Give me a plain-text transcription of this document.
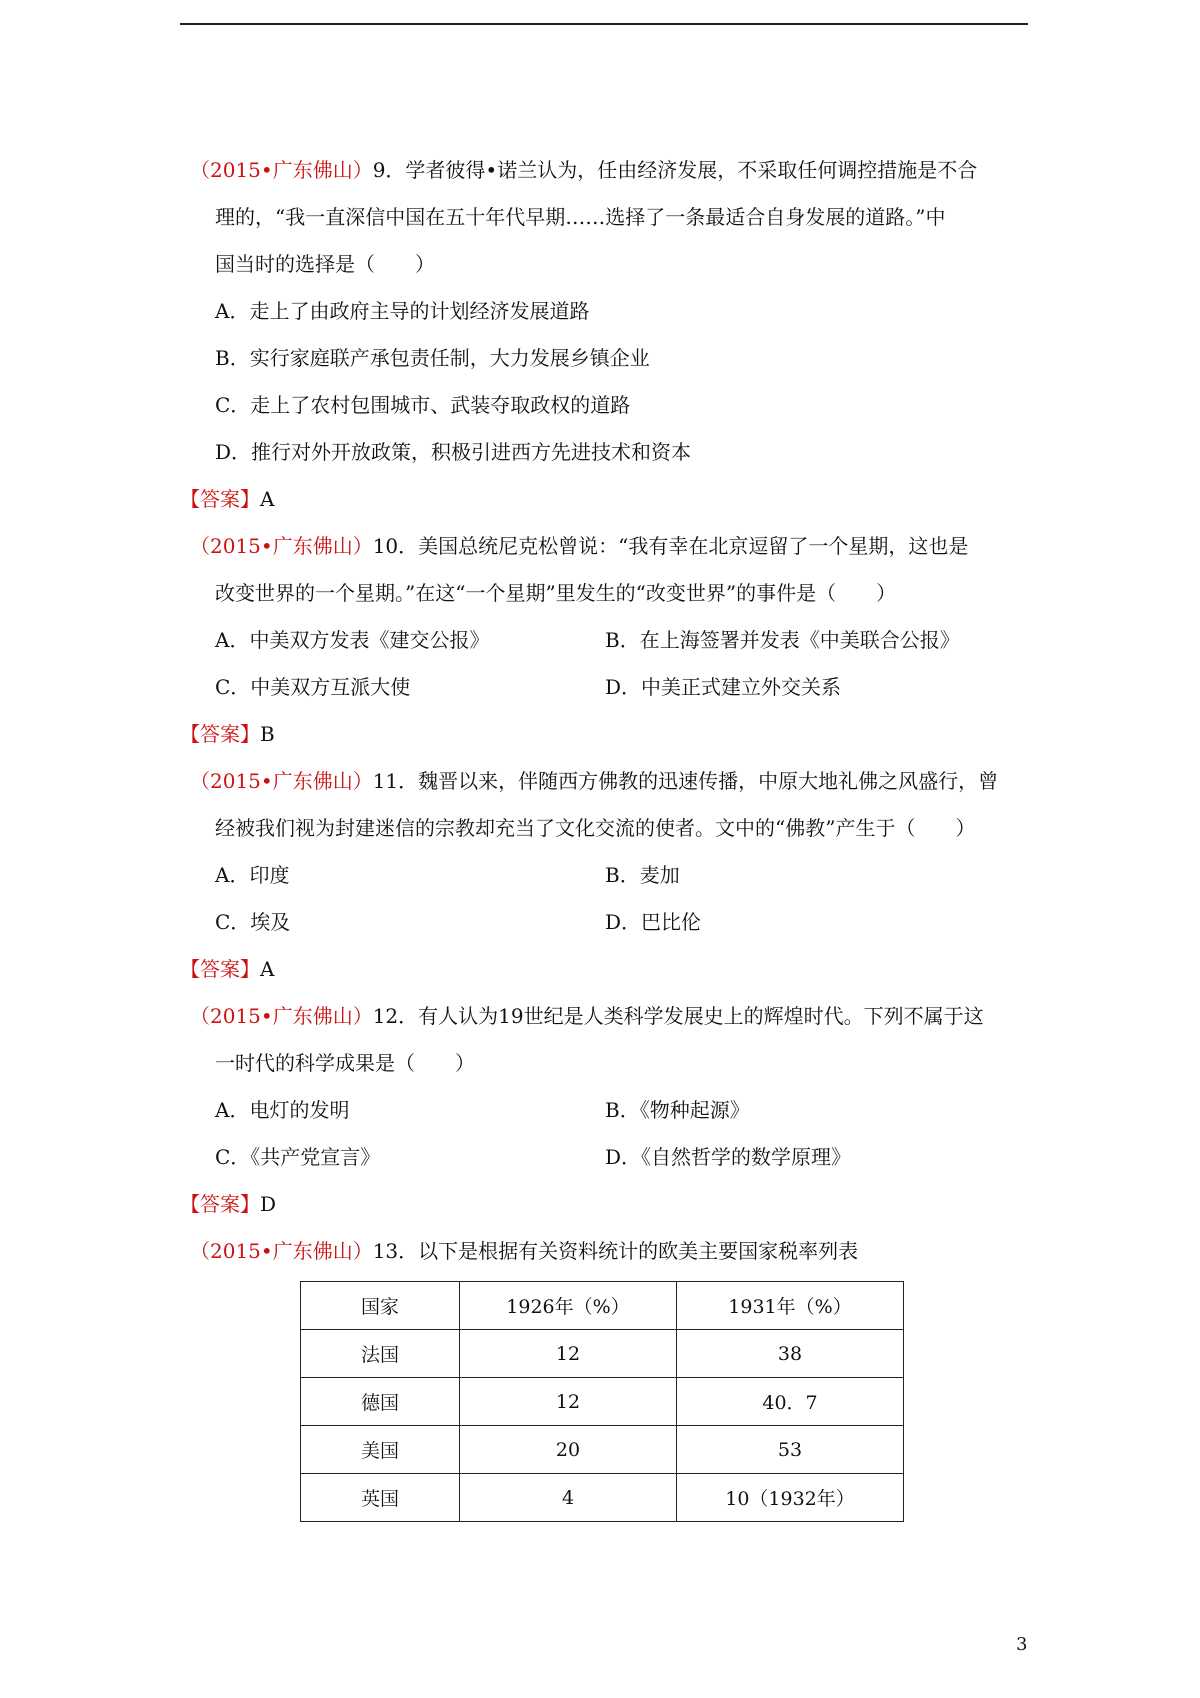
（2015•广东佛山）9．学者彼得•诺兰认为，任由经济发展，不采取任何调控措施是不合
理的，“我一直深信中国在五十年代早期……选择了一条最适合自身发展的道路。”中
国当时的选择是（　　）
A．走上了由政府主导的计划经济发展道路
B．实行家庭联产承包责任制，大力发展乡镇企业
C．走上了农村包围城市、武装夺取政权的道路
D．推行对外开放政策，积极引进西方先进技术和资本
【答案】A
（2015•广东佛山）10．美国总统尼克松曾说：“我有幸在北京逗留了一个星期，这也是
改变世界的一个星期。”在这“一个星期”里发生的“改变世界”的事件是（　　）
A．中美双方发表《建交公报》	B．在上海签署并发表《中美联合公报》
C．中美双方互派大使	D．中美正式建立外交关系
【答案】B
（2015•广东佛山）11．魏晋以来，伴随西方佛教的迅速传播，中原大地礼佛之风盛行，曾
经被我们视为封建迷信的宗教却充当了文化交流的使者。文中的“佛教”产生于（　　）
A．印度	B．麦加
C．埃及	D．巴比伦
【答案】A
（2015•广东佛山）12．有人认为19世纪是人类科学发展史上的辉煌时代。下列不属于这
一时代的科学成果是（　　）
A．电灯的发明	B．《物种起源》
C．《共产党宣言》	D．《自然哲学的数学原理》
【答案】D
（2015•广东佛山）13．以下是根据有关资料统计的欧美主要国家税率列表
国家	1926年（%）	1931年（%）
法国	12	38
德国	12	40．7
美国	20	53
英国	4	10（1932年）
3
